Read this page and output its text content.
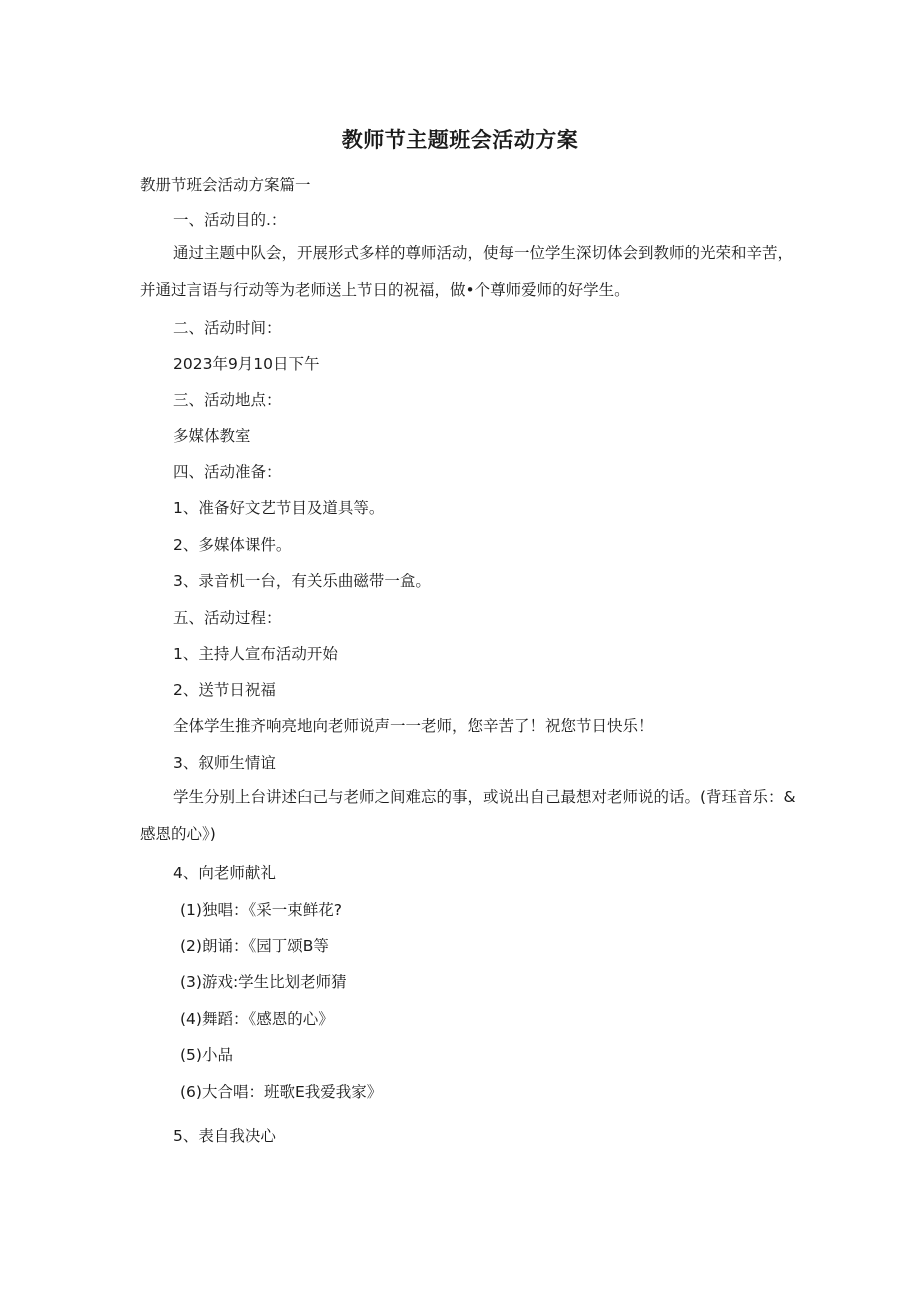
教师节主题班会活动方案
教册节班会活动方案篇一
一、活动目的.：
通过主题中队会，开展形式多样的尊师活动，使每一位学生深切体会到教师的光荣和辛苦，并通过言语与行动等为老师送上节日的祝福，做•个尊师爱师的好学生。
二、活动时间：
2023年9月10日下午
三、活动地点：
多媒体教室
四、活动准备：
1、准备好文艺节目及道具等。
2、多媒体课件。
3、录音机一台，有关乐曲磁带一盒。
五、活动过程：
1、主持人宣布活动开始
2、送节日祝福
全体学生推齐响亮地向老师说声一一老师，您辛苦了！祝您节日快乐！
3、叙师生情谊
学生分别上台讲述臼己与老师之间难忘的事，或说出自己最想对老师说的话。(背珏音乐：&感恩的心》)
4、向老师献礼
(1)独唱：《采一束鲜花?
(2)朗诵：《园丁颂B等
(3)游戏:学生比划老师猜
(4)舞蹈：《感恩的心》
(5)小品
(6)大合唱：班歌E我爱我家》
5、表自我决心
